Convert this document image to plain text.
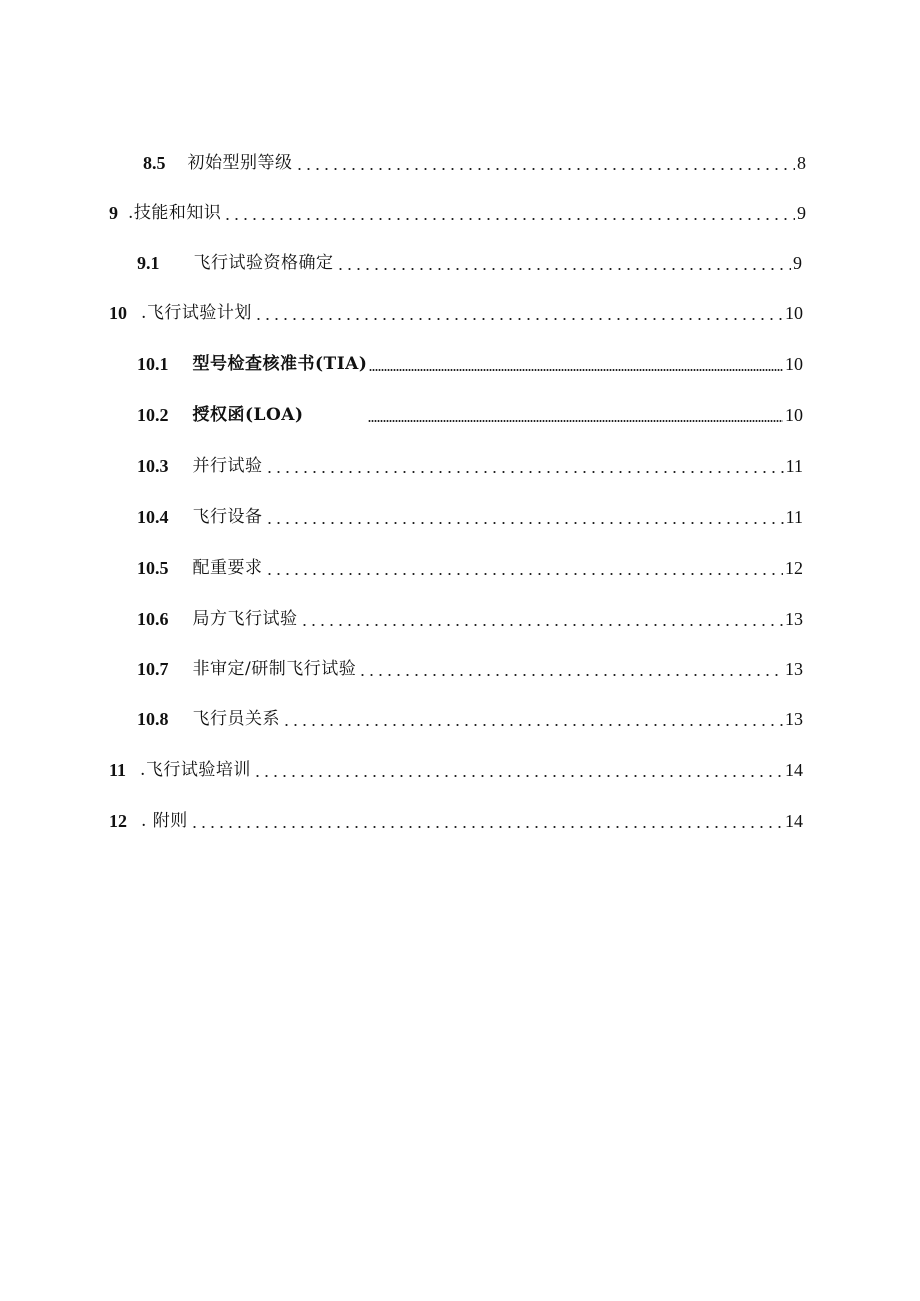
8.5 初始型别等级	8
9 .技能和知识	9
9.1 飞行试验资格确定	9
10 .飞行试验计划	10
10.1 型号检查核准书(TIA)	10
10.2 授权函(LOA)	10
10.3 并行试验	11
10.4 飞行设备	11
10.5 配重要求	12
10.6 局方飞行试验	13
10.7 非审定/研制飞行试验	13
10.8 飞行员关系	13
11 .飞行试验培训	14
12 . 附则	14
